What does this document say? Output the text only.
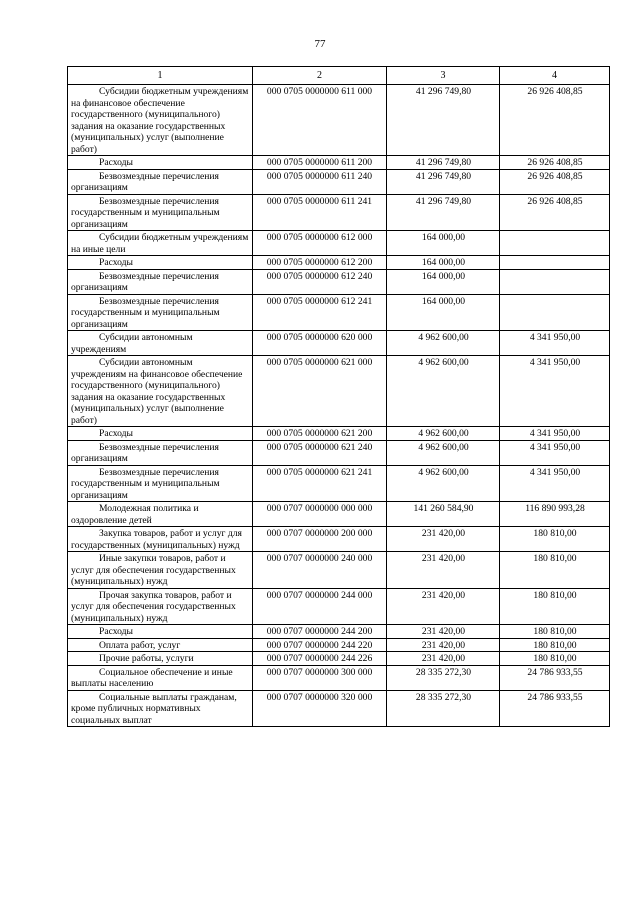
77
1	2	3	4
Субсидии бюджетным учреждениям на финансовое обеспечение государственного (муниципального) задания на оказание государственных (муниципальных) услуг (выполнение работ)	000 0705 0000000 611 000	41 296 749,80	26 926 408,85
Расходы	000 0705 0000000 611 200	41 296 749,80	26 926 408,85
Безвозмездные перечисления организациям	000 0705 0000000 611 240	41 296 749,80	26 926 408,85
Безвозмездные перечисления государственным и муниципальным организациям	000 0705 0000000 611 241	41 296 749,80	26 926 408,85
Субсидии бюджетным учреждениям на иные цели	000 0705 0000000 612 000	164 000,00	
Расходы	000 0705 0000000 612 200	164 000,00	
Безвозмездные перечисления организациям	000 0705 0000000 612 240	164 000,00	
Безвозмездные перечисления государственным и муниципальным организациям	000 0705 0000000 612 241	164 000,00	
Субсидии автономным учреждениям	000 0705 0000000 620 000	4 962 600,00	4 341 950,00
Субсидии автономным учреждениям на финансовое обеспечение государственного (муниципального) задания на оказание государственных (муниципальных) услуг (выполнение работ)	000 0705 0000000 621 000	4 962 600,00	4 341 950,00
Расходы	000 0705 0000000 621 200	4 962 600,00	4 341 950,00
Безвозмездные перечисления организациям	000 0705 0000000 621 240	4 962 600,00	4 341 950,00
Безвозмездные перечисления государственным и муниципальным организациям	000 0705 0000000 621 241	4 962 600,00	4 341 950,00
Молодежная политика и оздоровление детей	000 0707 0000000 000 000	141 260 584,90	116 890 993,28
Закупка товаров, работ и услуг для государственных (муниципальных) нужд	000 0707 0000000 200 000	231 420,00	180 810,00
Иные закупки товаров, работ и услуг для обеспечения государственных (муниципальных) нужд	000 0707 0000000 240 000	231 420,00	180 810,00
Прочая закупка товаров, работ и услуг для обеспечения государственных (муниципальных) нужд	000 0707 0000000 244 000	231 420,00	180 810,00
Расходы	000 0707 0000000 244 200	231 420,00	180 810,00
Оплата работ, услуг	000 0707 0000000 244 220	231 420,00	180 810,00
Прочие работы, услуги	000 0707 0000000 244 226	231 420,00	180 810,00
Социальное обеспечение и иные выплаты населению	000 0707 0000000 300 000	28 335 272,30	24 786 933,55
Социальные выплаты гражданам, кроме публичных нормативных социальных выплат	000 0707 0000000 320 000	28 335 272,30	24 786 933,55
